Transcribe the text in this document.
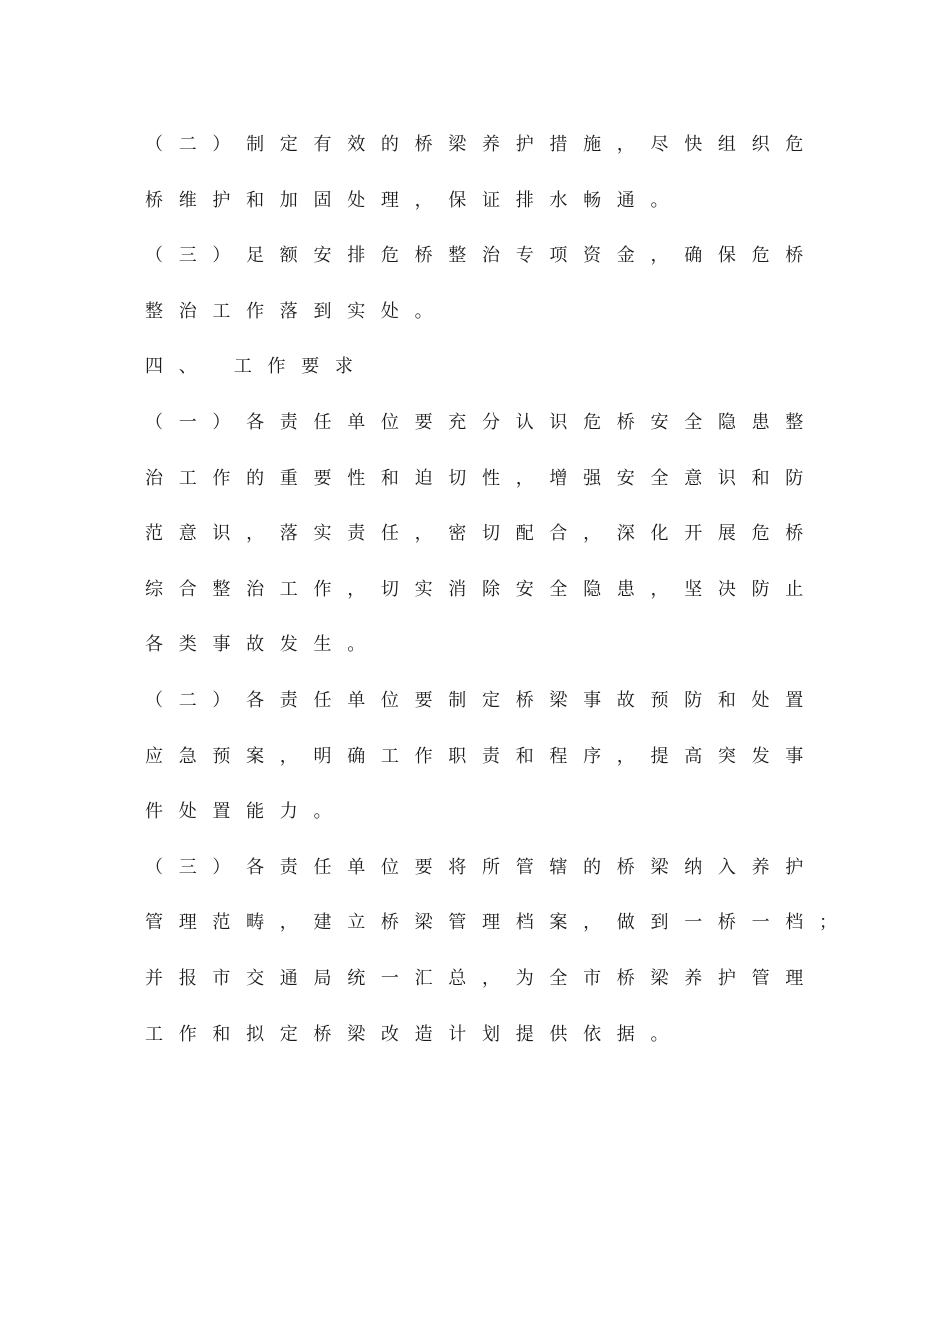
（二）制定有效的桥梁养护措施，尽快组织危
桥维护和加固处理，保证排水畅通。
（三）足额安排危桥整治专项资金，确保危桥
整治工作落到实处。
四、 工作要求
（一）各责任单位要充分认识危桥安全隐患整
治工作的重要性和迫切性，增强安全意识和防
范意识，落实责任，密切配合，深化开展危桥
综合整治工作，切实消除安全隐患，坚决防止
各类事故发生。
（二）各责任单位要制定桥梁事故预防和处置
应急预案，明确工作职责和程序，提高突发事
件处置能力。
（三）各责任单位要将所管辖的桥梁纳入养护
管理范畴，建立桥梁管理档案，做到一桥一档；
并报市交通局统一汇总，为全市桥梁养护管理
工作和拟定桥梁改造计划提供依据。
